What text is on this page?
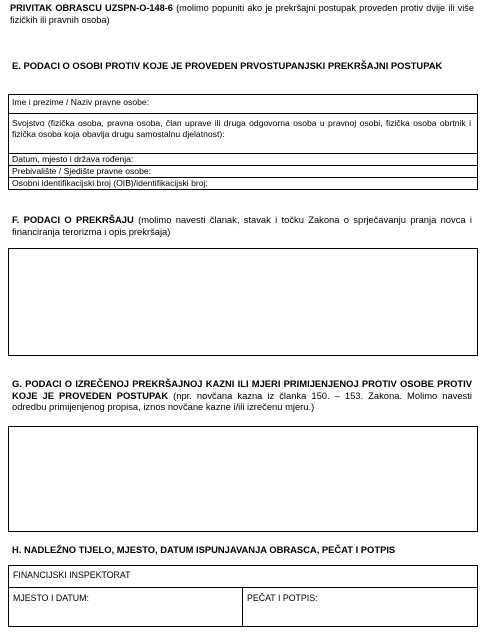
PRIVITAK OBRASCU UZSPN-O-148-6 (molimo popuniti ako je prekršajni postupak proveden protiv dvije ili više fizičkih ili pravnih osoba)
E. PODACI O OSOBI PROTIV KOJE JE PROVEDEN PRVOSTUPANJSKI PREKRŠAJNI POSTUPAK
Ime i prezime / Naziv pravne osobe:
Svojstvo (fizička osoba, pravna osoba, član uprave ili druga odgovorna osoba u pravnoj osobi, fizička osoba obrtnik i fizička osoba koja obavlja drugu samostalnu djelatnost):
Datum, mjesto i država rođenja:
Prebivalište / Sjedište pravne osobe:
Osobni identifikacijski broj (OIB)/identifikacijski broj:
F. PODACI O PREKRŠAJU (molimo navesti članak, stavak i točku Zakona o sprječavanju pranja novca i financiranja terorizma i opis prekršaja)
G. PODACI O IZREČENOJ PREKRŠAJNOJ KAZNI ILI MJERI PRIMIJENJENOJ PROTIV OSOBE PROTIV KOJE JE PROVEDEN POSTUPAK (npr. novčana kazna iz članka 150. – 153. Zakona. Molimo navesti odredbu primijenjenog propisa, iznos novčane kazne i/ili izrečenu mjeru.)
H. NADLEŽNO TIJELO, MJESTO, DATUM ISPUNJAVANJA OBRASCA, PEČAT I POTPIS
FINANCIJSKI INSPEKTORAT
MJESTO I DATUM:	PEČAT I POTPIS:
